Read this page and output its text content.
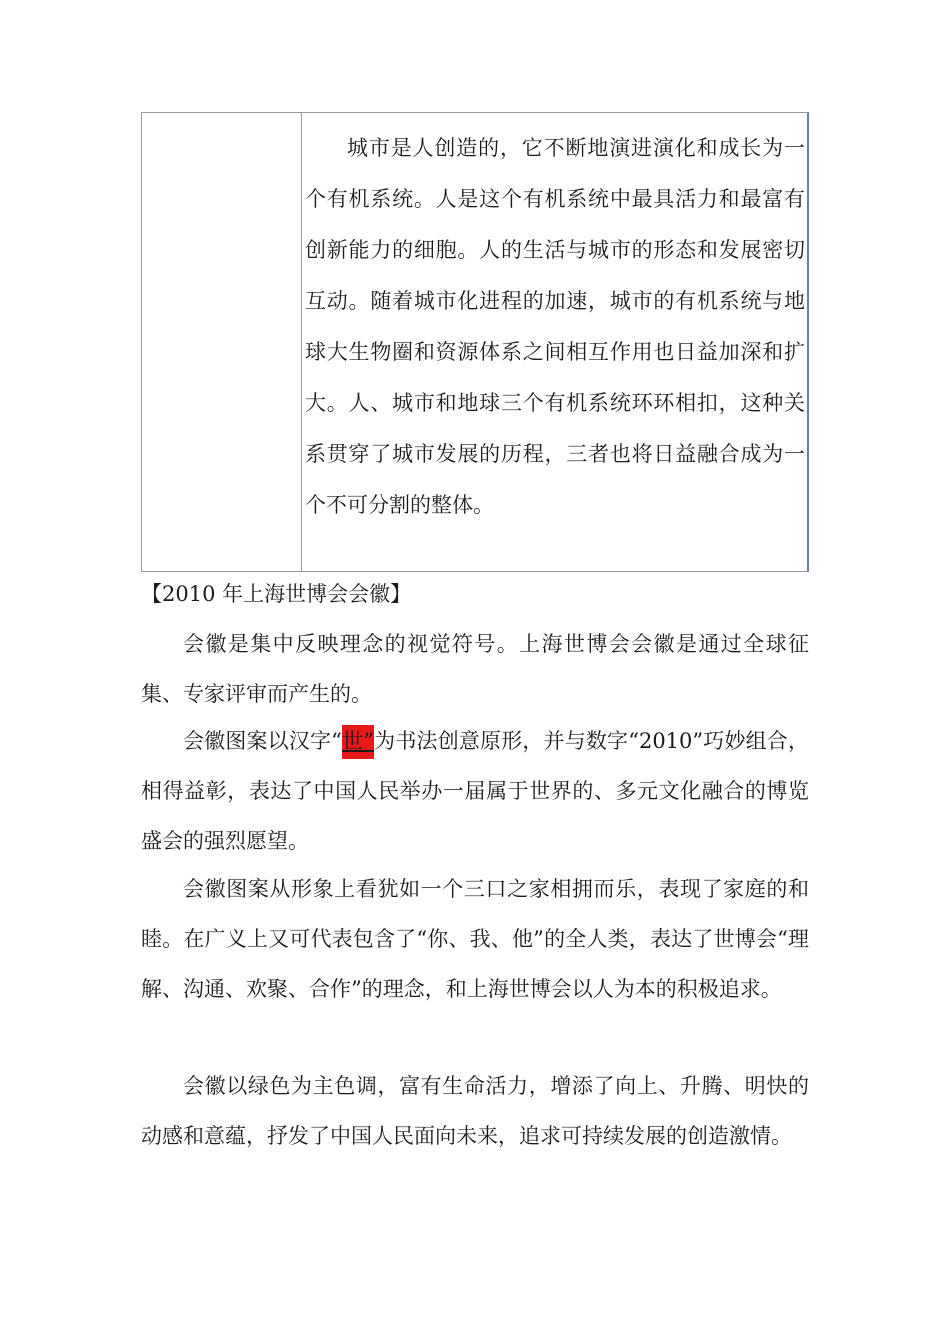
城市是人创造的，它不断地演进演化和成长为一个有机系统。人是这个有机系统中最具活力和最富有创新能力的细胞。人的生活与城市的形态和发展密切互动。随着城市化进程的加速，城市的有机系统与地球大生物圈和资源体系之间相互作用也日益加深和扩大。人、城市和地球三个有机系统环环相扣，这种关系贯穿了城市发展的历程，三者也将日益融合成为一个不可分割的整体。

【2010 年上海世博会会徽】

会徽是集中反映理念的视觉符号。上海世博会会徽是通过全球征集、专家评审而产生的。

会徽图案以汉字“世”为书法创意原形，并与数字“2010”巧妙组合，相得益彰，表达了中国人民举办一届属于世界的、多元文化融合的博览盛会的强烈愿望。

会徽图案从形象上看犹如一个三口之家相拥而乐，表现了家庭的和睦。在广义上又可代表包含了“你、我、他”的全人类，表达了世博会“理解、沟通、欢聚、合作”的理念，和上海世博会以人为本的积极追求。

会徽以绿色为主色调，富有生命活力，增添了向上、升腾、明快的动感和意蕴，抒发了中国人民面向未来，追求可持续发展的创造激情。
